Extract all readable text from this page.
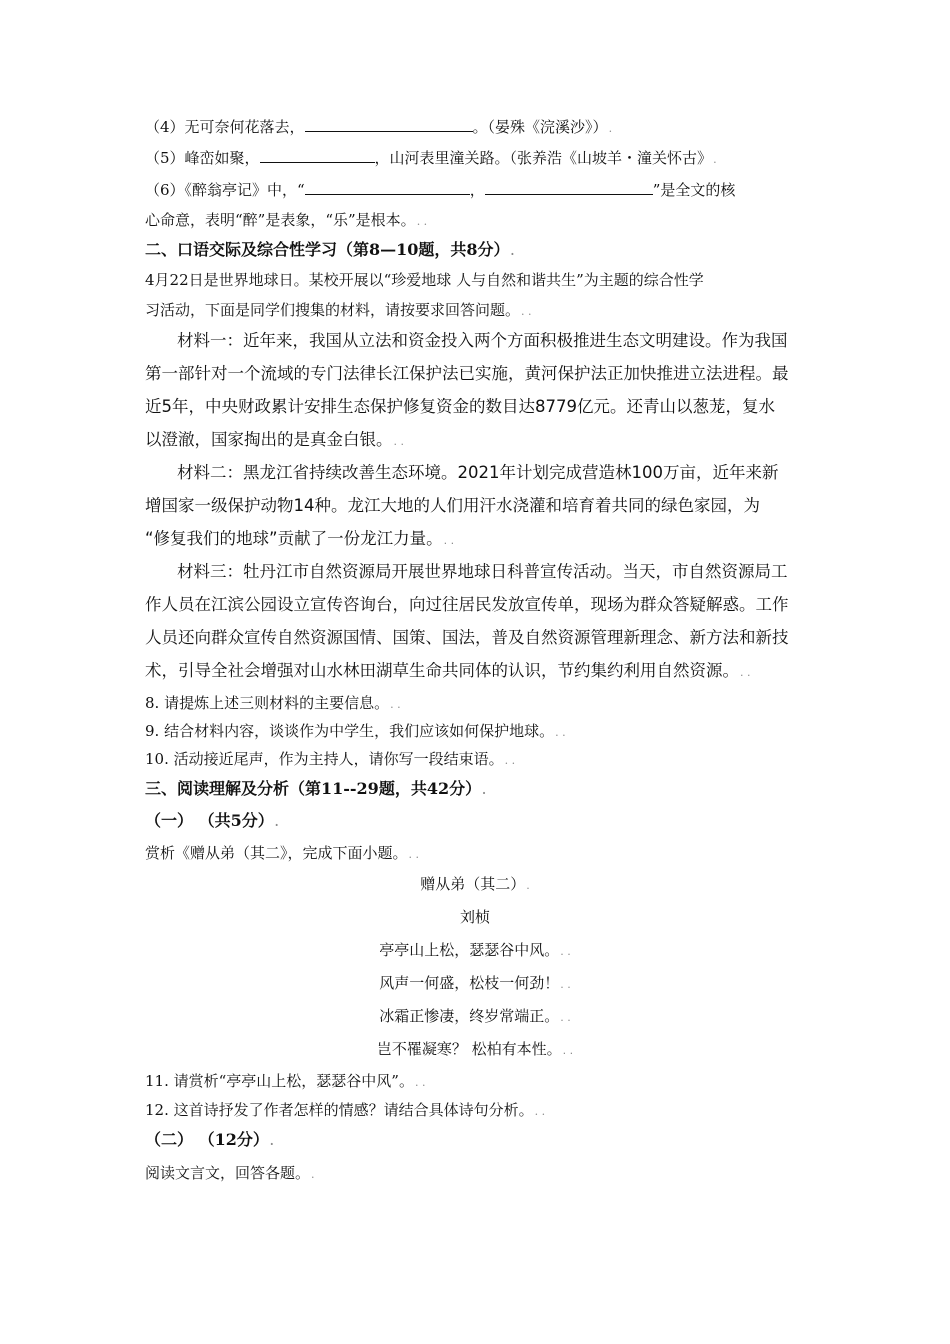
（4）无可奈何花落去，	。（晏殊《浣溪沙》）.
（5）峰峦如聚，	，山河表里潼关路。（张养浩《山坡羊・潼关怀古》.
（6）《醉翁亭记》中，“	，	”是全文的核
心命意，表明“醉”是表象，“乐”是根本。. .
二、口语交际及综合性学习（第8—10题，共8分）.
4月22日是世界地球日。某校开展以“珍爱地球 人与自然和谐共生”为主题的综合性学
习活动，下面是同学们搜集的材料，请按要求回答问题。. .
材料一：近年来，我国从立法和资金投入两个方面积极推进生态文明建设。作为我国
第一部针对一个流域的专门法律长江保护法已实施，黄河保护法正加快推进立法进程。最
近5年，中央财政累计安排生态保护修复资金的数目达8779亿元。还青山以葱茏，复水
以澄澈，国家掏出的是真金白银。. .
材料二：黑龙江省持续改善生态环境。2021年计划完成营造林100万亩，近年来新
增国家一级保护动物14种。龙江大地的人们用汗水浇灌和培育着共同的绿色家园，为
“修复我们的地球”贡献了一份龙江力量。. .
材料三：牡丹江市自然资源局开展世界地球日科普宣传活动。当天，市自然资源局工
作人员在江滨公园设立宣传咨询台，向过往居民发放宣传单，现场为群众答疑解惑。工作
人员还向群众宣传自然资源国情、国策、国法，普及自然资源管理新理念、新方法和新技
术，引导全社会增强对山水林田湖草生命共同体的认识，节约集约利用自然资源。. .
8. 请提炼上述三则材料的主要信息。. .
9. 结合材料内容，谈谈作为中学生，我们应该如何保护地球。. .
10. 活动接近尾声，作为主持人，请你写一段结束语。. .
三、阅读理解及分析（第11--29题，共42分）.
（一） （共5分）.
赏析《赠从弟（其二》，完成下面小题。. .
赠从弟（其二）.
刘桢
亭亭山上松，瑟瑟谷中风。. .
风声一何盛，松枝一何劲！. .
冰霜正惨凄，终岁常端正。. .
岂不罹凝寒？ 松柏有本性。. .
11. 请赏析“亭亭山上松，瑟瑟谷中风”。. .
12. 这首诗抒发了作者怎样的情感？请结合具体诗句分析。. .
（二） （12分）.
阅读文言文，回答各题。.
